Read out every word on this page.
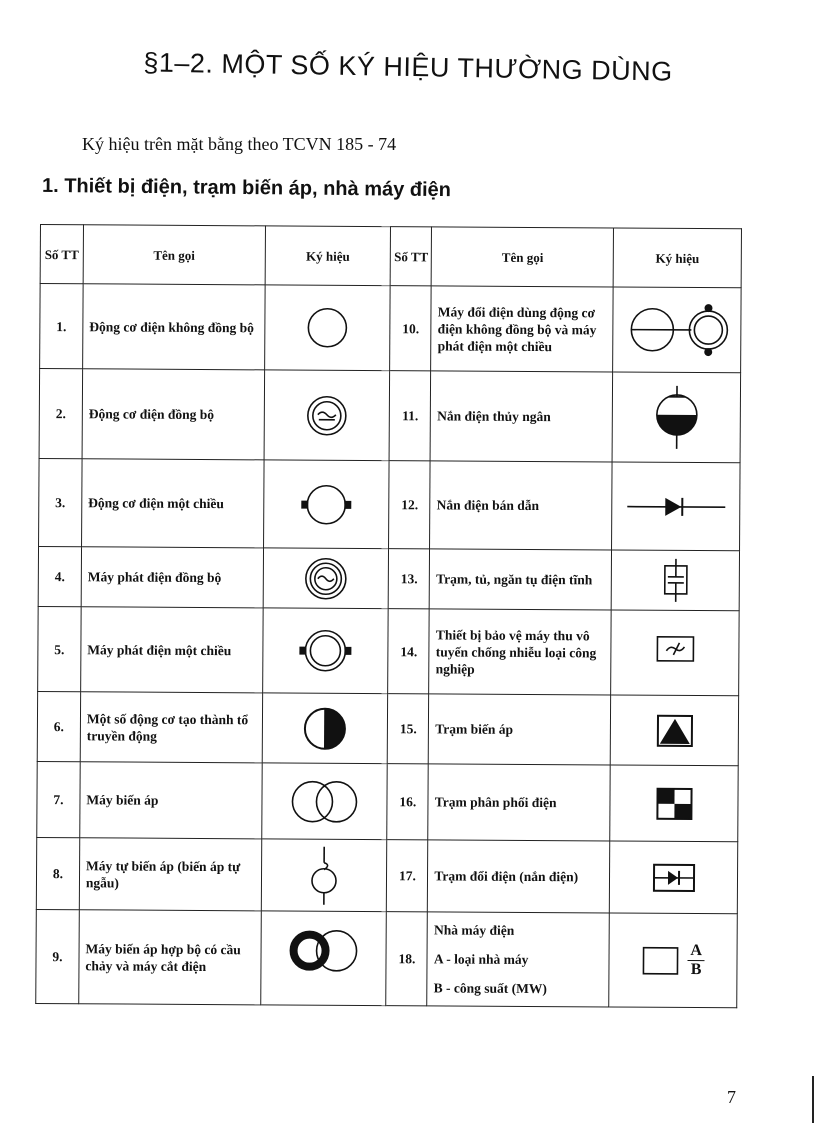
§1–2. MỘT SỐ KÝ HIỆU THƯỜNG DÙNG
Ký hiệu trên mặt bằng theo TCVN 185 - 74
1. Thiết bị điện, trạm biến áp, nhà máy điện
Số TT	Tên gọi	Ký hiệu	Số TT	Tên gọi	Ký hiệu
1.	Động cơ điện không đồng bộ		10.	Máy đổi điện dùng động cơ điện không đồng bộ và máy phát điện một chiều	

2.	Động cơ điện đồng bộ		11.	Nắn điện thủy ngân	

3.	Động cơ điện một chiều		12.	Nắn điện bán dẫn	

4.	Máy phát điện đồng bộ		13.	Trạm, tủ, ngăn tụ điện tĩnh	

5.	Máy phát điện một chiều		14.	Thiết bị bảo vệ máy thu vô tuyến chống nhiễu loại công nghiệp	

6.	Một số động cơ tạo thành tổ truyền động		15.	Trạm biến áp	

7.	Máy biến áp		16.	Trạm phân phối điện	

8.	Máy tự biến áp (biến áp tự ngẫu)		17.	Trạm đổi điện (nắn điện)	

9.	Máy biến áp hợp bộ có cầu chảy và máy cắt điện		18.	Nhà máy điện
A - loại nhà máy
B - công suất (MW)	$\frac{A}{B}$
7
